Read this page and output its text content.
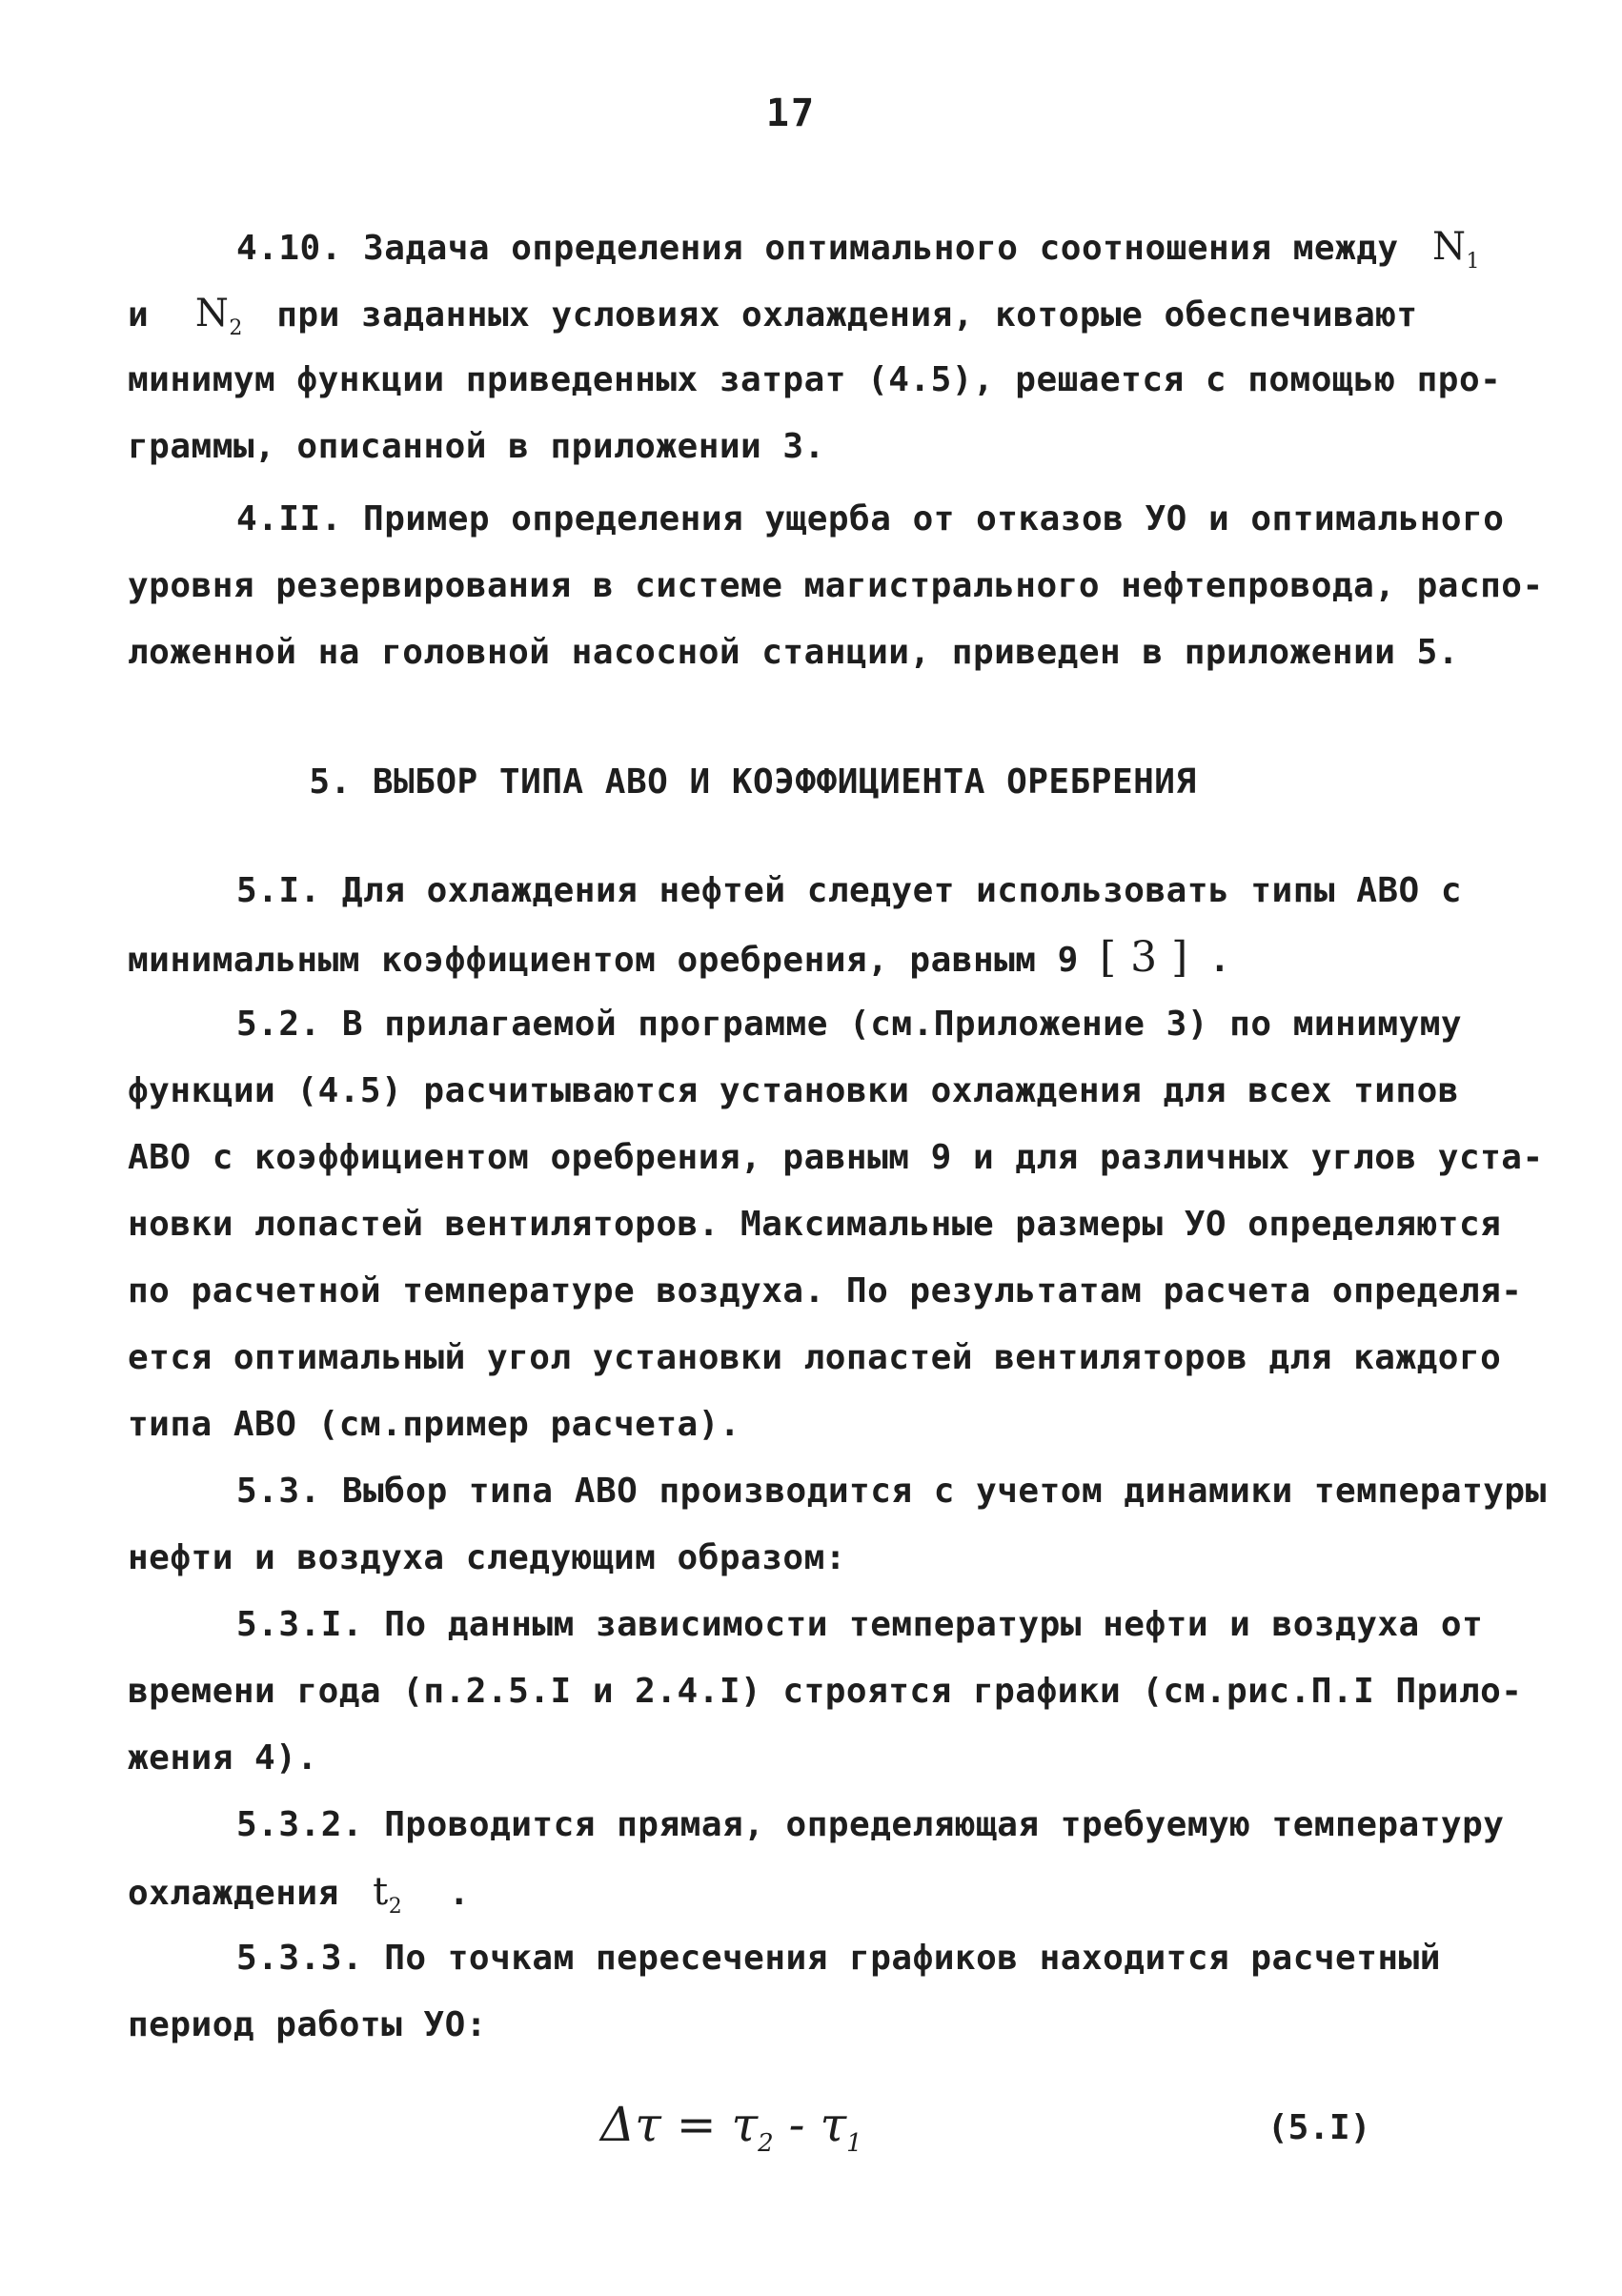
17
4.10. Задача определения оптимального соотношения между $N_1$
и $N_2$ при заданных условиях охлаждения, которые обеспечивают
минимум функции приведенных затрат (4.5), решается с помощью про-
граммы, описанной в приложении 3.
4.II. Пример определения ущерба от отказов УО и оптимального
уровня резервирования в системе магистрального нефтепровода, распо-
ложенной на головной насосной станции, приведен в приложении 5.
5. ВЫБОР ТИПА АВО И КОЭФФИЦИЕНТА ОРЕБРЕНИЯ
5.I. Для охлаждения нефтей следует использовать типы АВО с
минимальным коэффициентом оребрения, равным 9 [ 3 ] .
5.2. В прилагаемой программе (см.Приложение 3) по минимуму
функции (4.5) расчитываются установки охлаждения для всех типов
АВО с коэффициентом оребрения, равным 9 и для различных углов уста-
новки лопастей вентиляторов. Максимальные размеры УО определяются
по расчетной температуре воздуха. По результатам расчета определя-
ется оптимальный угол установки лопастей вентиляторов для каждого
типа АВО (см.пример расчета).
5.3. Выбор типа АВО производится с учетом динамики температуры
нефти и воздуха следующим образом:
5.3.I. По данным зависимости температуры нефти и воздуха от
времени года (п.2.5.I и 2.4.I) строятся графики (см.рис.П.I Прило-
жения 4).
5.3.2. Проводится прямая, определяющая требуемую температуру
охлаждения $t_2$ .
5.3.3. По точкам пересечения графиков находится расчетный
период работы УО:
$\Delta\tau = \tau_2 - \tau_1$	(5.I)
